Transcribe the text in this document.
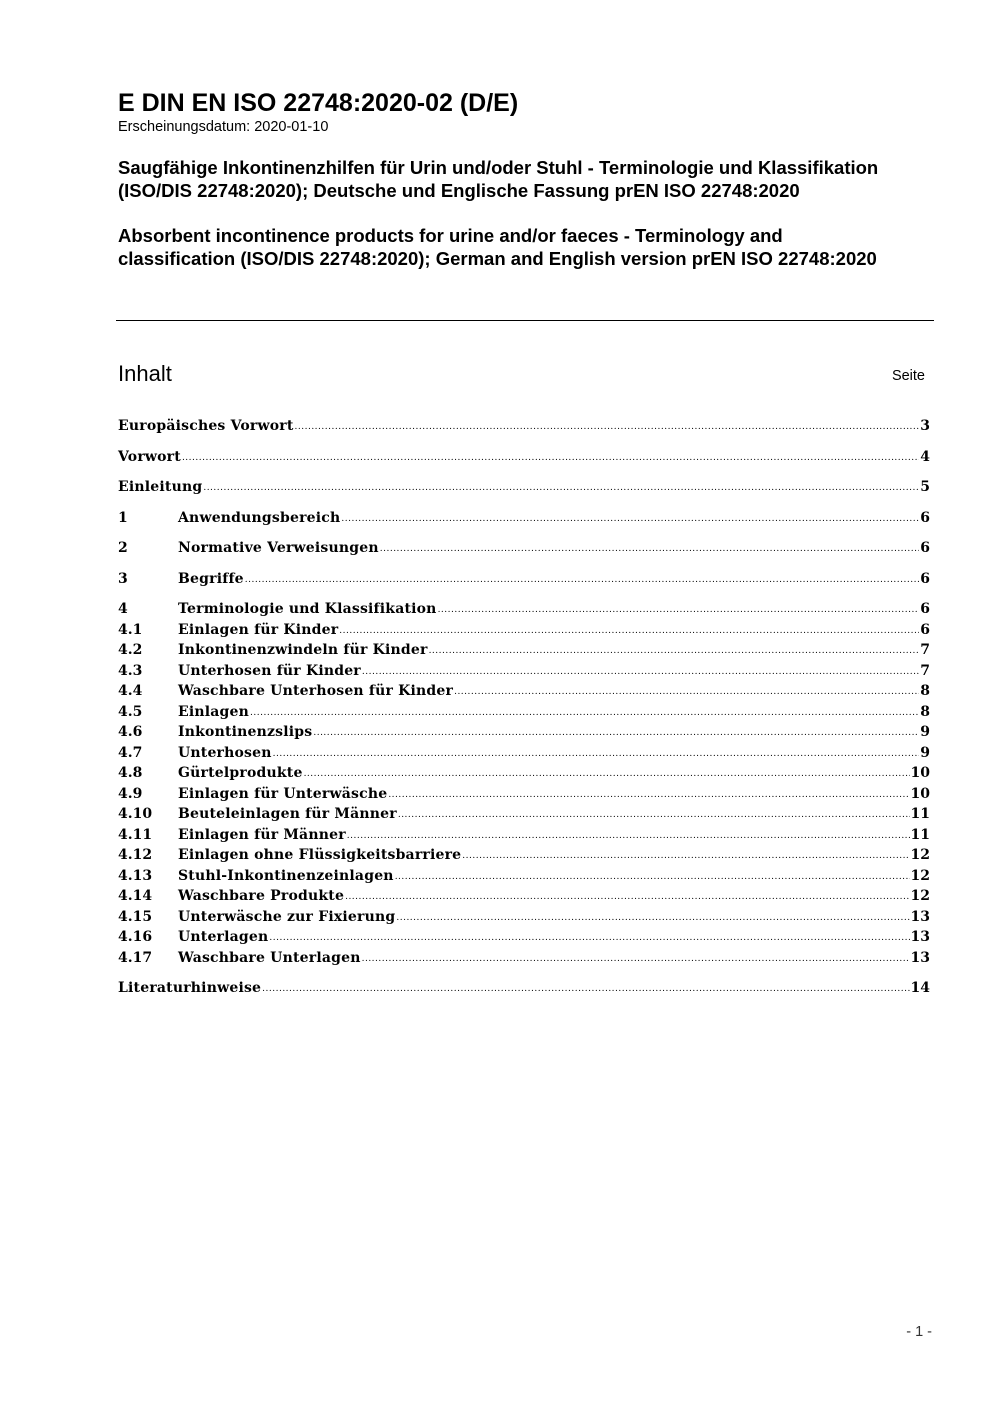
E DIN EN ISO 22748:2020-02 (D/E)

Erscheinungsdatum: 2020-01-10

Saugfähige Inkontinenzhilfen für Urin und/oder Stuhl - Terminologie und Klassifikation (ISO/DIS 22748:2020); Deutsche und Englische Fassung prEN ISO 22748:2020

Absorbent incontinence products for urine and/or faeces - Terminology and classification (ISO/DIS 22748:2020); German and English version prEN ISO 22748:2020

Inhalt	Seite
Europäisches Vorwort .....	3
Vorwort .....	4
Einleitung .....	5
1	Anwendungsbereich .....	6
2	Normative Verweisungen .....	6
3	Begriffe .....	6
4	Terminologie und Klassifikation .....	6
4.1	Einlagen für Kinder .....	6
4.2	Inkontinenzwindeln für Kinder .....	7
4.3	Unterhosen für Kinder .....	7
4.4	Waschbare Unterhosen für Kinder .....	8
4.5	Einlagen .....	8
4.6	Inkontinenzslips .....	9
4.7	Unterhosen .....	9
4.8	Gürtelprodukte .....	10
4.9	Einlagen für Unterwäsche .....	10
4.10	Beuteleinlagen für Männer .....	11
4.11	Einlagen für Männer .....	11
4.12	Einlagen ohne Flüssigkeitsbarriere .....	12
4.13	Stuhl-Inkontinenzeinlagen .....	12
4.14	Waschbare Produkte .....	12
4.15	Unterwäsche zur Fixierung .....	13
4.16	Unterlagen .....	13
4.17	Waschbare Unterlagen .....	13
Literaturhinweise .....	14
- 1 -
